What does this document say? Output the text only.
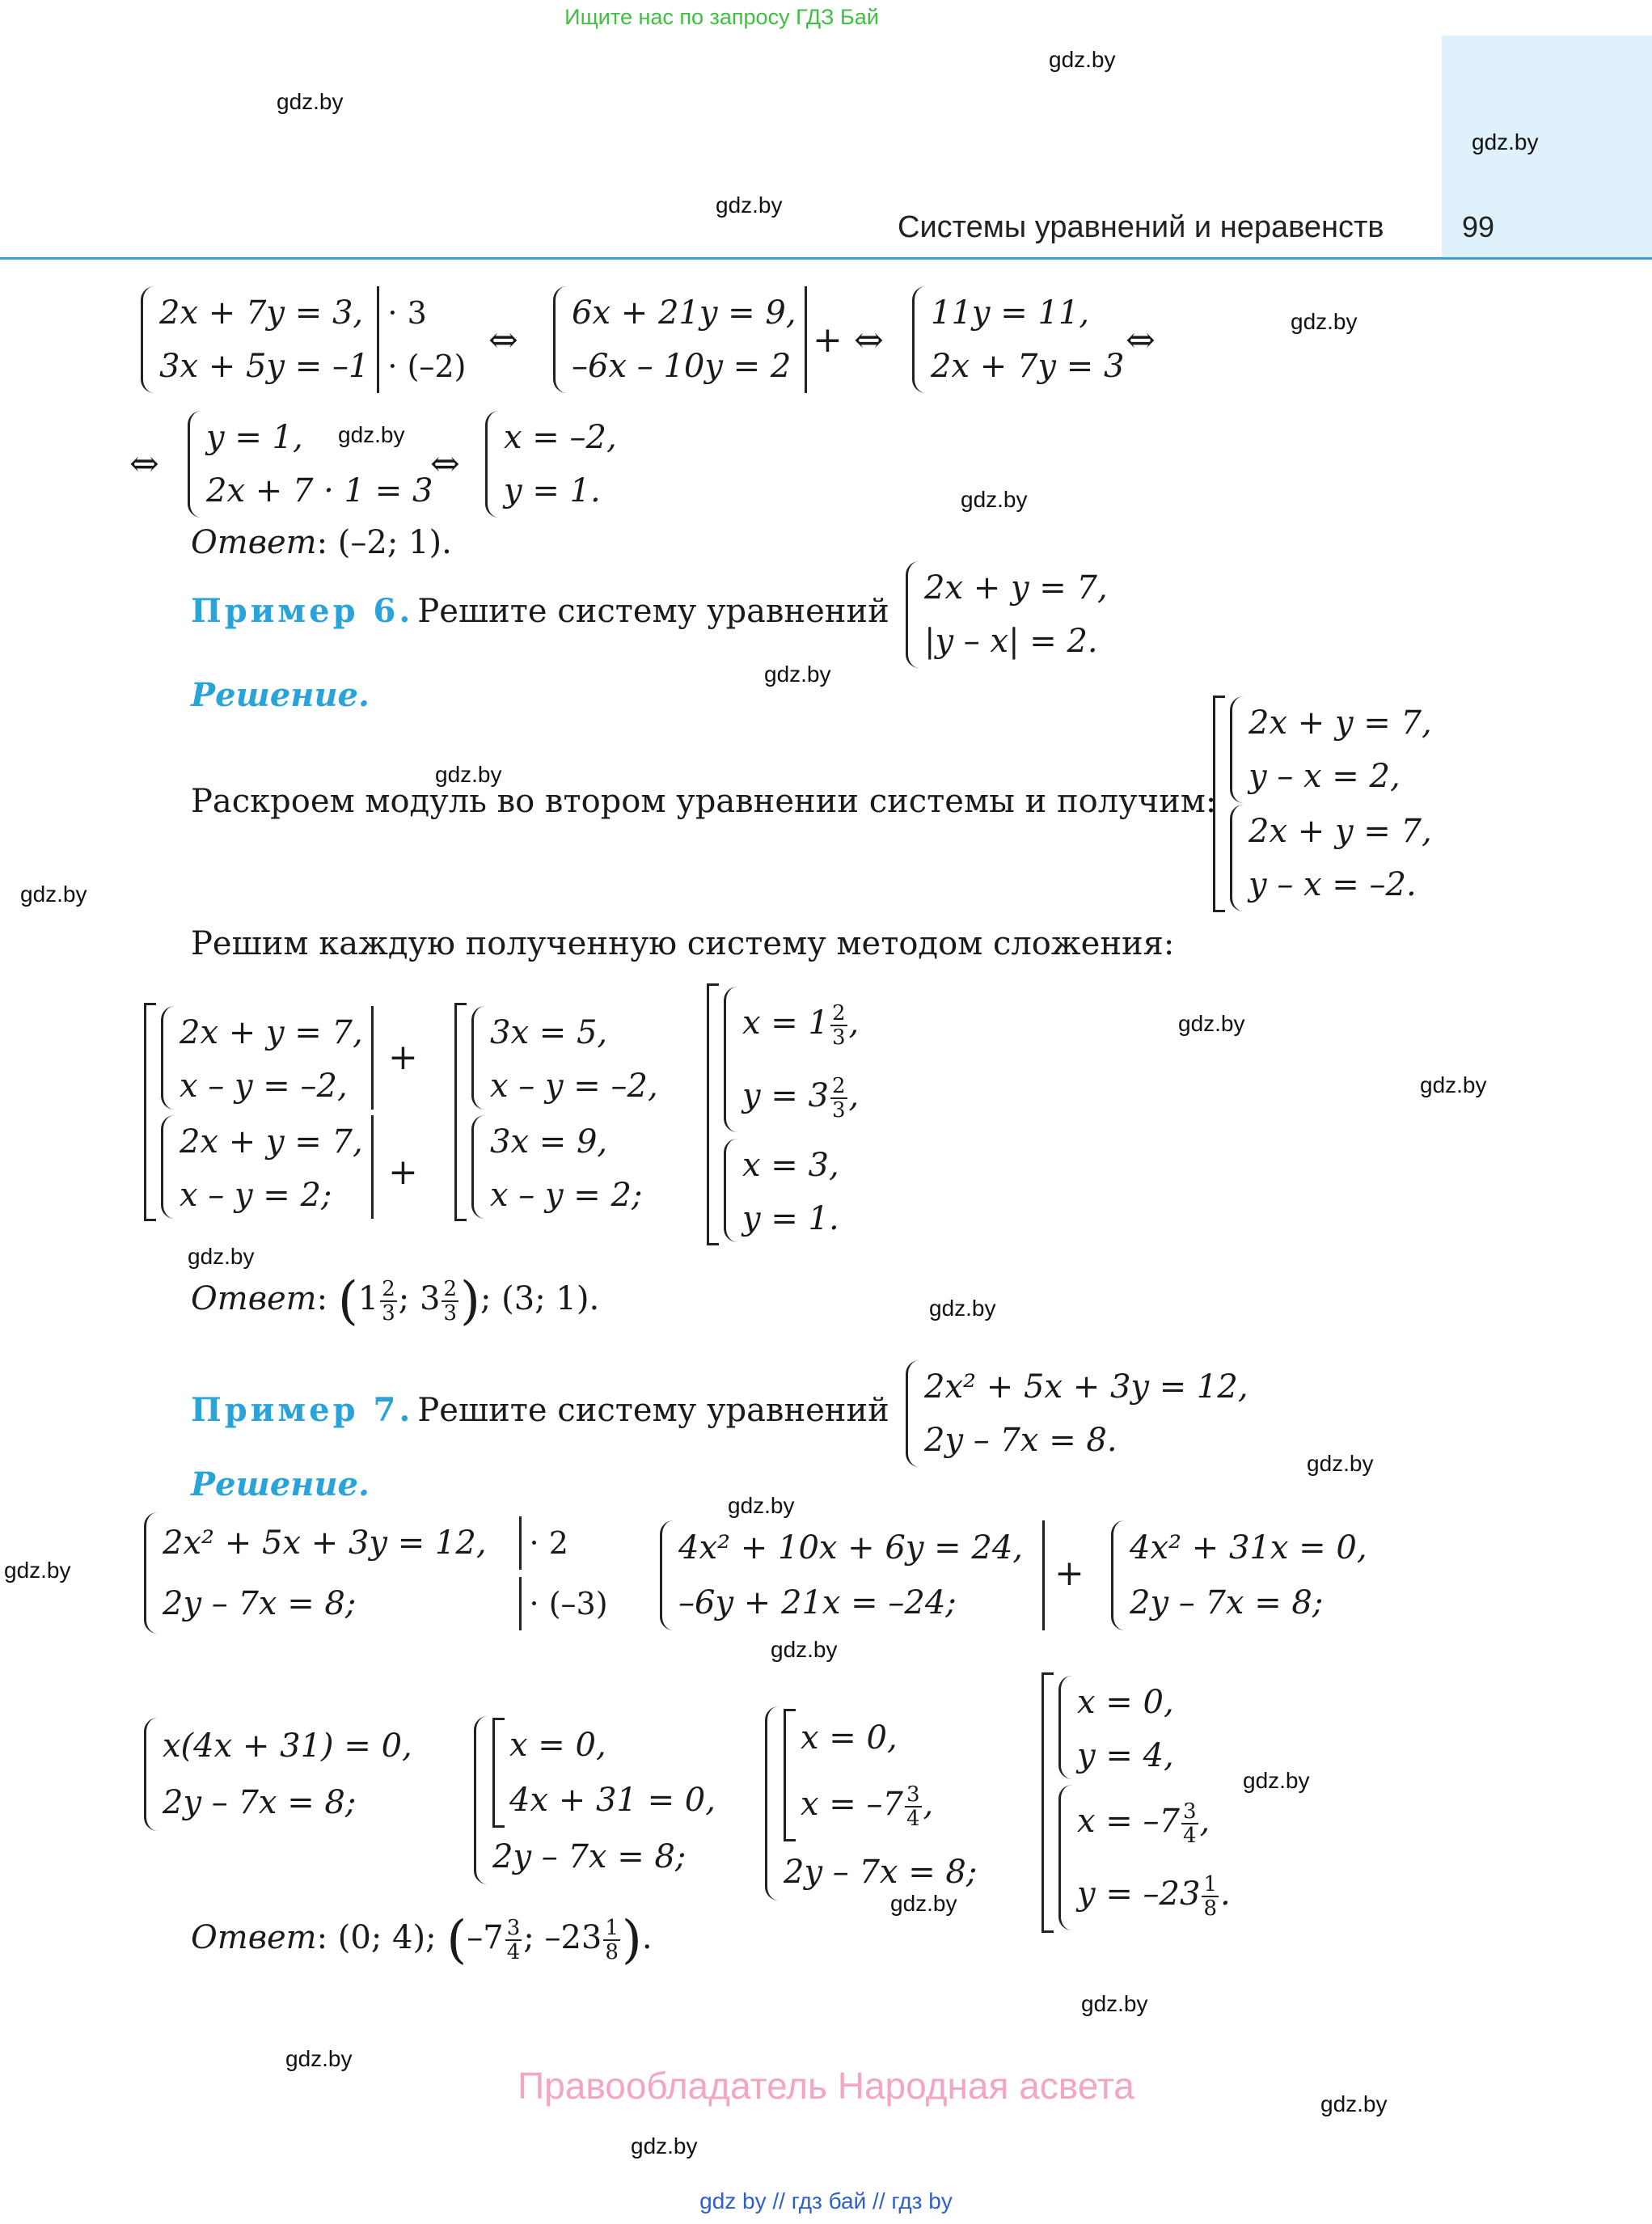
Ищите нас по запросу ГДЗ Бай
Системы уравнений и неравенств	99
gdz.by
gdz.by
gdz.by
gdz.by
gdz.by
gdz.by
gdz.by
gdz.by
gdz.by
gdz.by
gdz.by
gdz.by
gdz.by
gdz.by
gdz.by
gdz.by
gdz.by
gdz.by
gdz.by
gdz.by
gdz.by
gdz.by
gdz.by
gdz.by
2x + 7y = 3,
3x + 5y = –1
· 3
· (–2)
⇔
6x + 21y = 9,
–6x – 10y = 2
+ ⇔
11y = 11,
2x + 7y = 3
⇔
⇔
y = 1,
2x + 7 · 1 = 3
⇔
x = –2,
y = 1.
Ответ: (–2; 1).
Пример 6. Решите систему уравнений
2x + y = 7,
|y – x| = 2.
Решение.
Раскроем модуль во втором уравнении системы и получим:
2x + y = 7,
y – x = 2,
2x + y = 7,
y – x = –2.
Решим каждую полученную систему методом сложения:
2x + y = 7,
x – y = –2,
2x + y = 7,
x – y = 2;
+
+
3x = 5,
x – y = –2,
3x = 9,
x – y = 2;
$x = 1 \frac{2}{3}$ ,
$y = 3 \frac{2}{3}$ ,
x = 3,
y = 1.
Ответ: ($1 \frac{2}{3}$ ; $3 \frac{2}{3}$ ); (3; 1).
Пример 7. Решите систему уравнений
2x² + 5x + 3y = 12,
2y – 7x = 8.
Решение.
2x² + 5x + 3y = 12,
2y – 7x = 8;
· 2
· (–3)
4x² + 10x + 6y = 24,
–6y + 21x = –24;
+
4x² + 31x = 0,
2y – 7x = 8;
x(4x + 31) = 0,
2y – 7x = 8;
x = 0,
4x + 31 = 0,
2y – 7x = 8;
x = 0,
$x = -7 \frac{3}{4}$ ,
2y – 7x = 8;
x = 0,
y = 4,
$x = -7 \frac{3}{4}$ ,
$y = -23 \frac{1}{8}$ .
Ответ: (0; 4); ($-7 \frac{3}{4}$ ; $-23 \frac{1}{8}$ ).
Правообладатель Народная асвета
gdz by // гдз бай // гдз by
